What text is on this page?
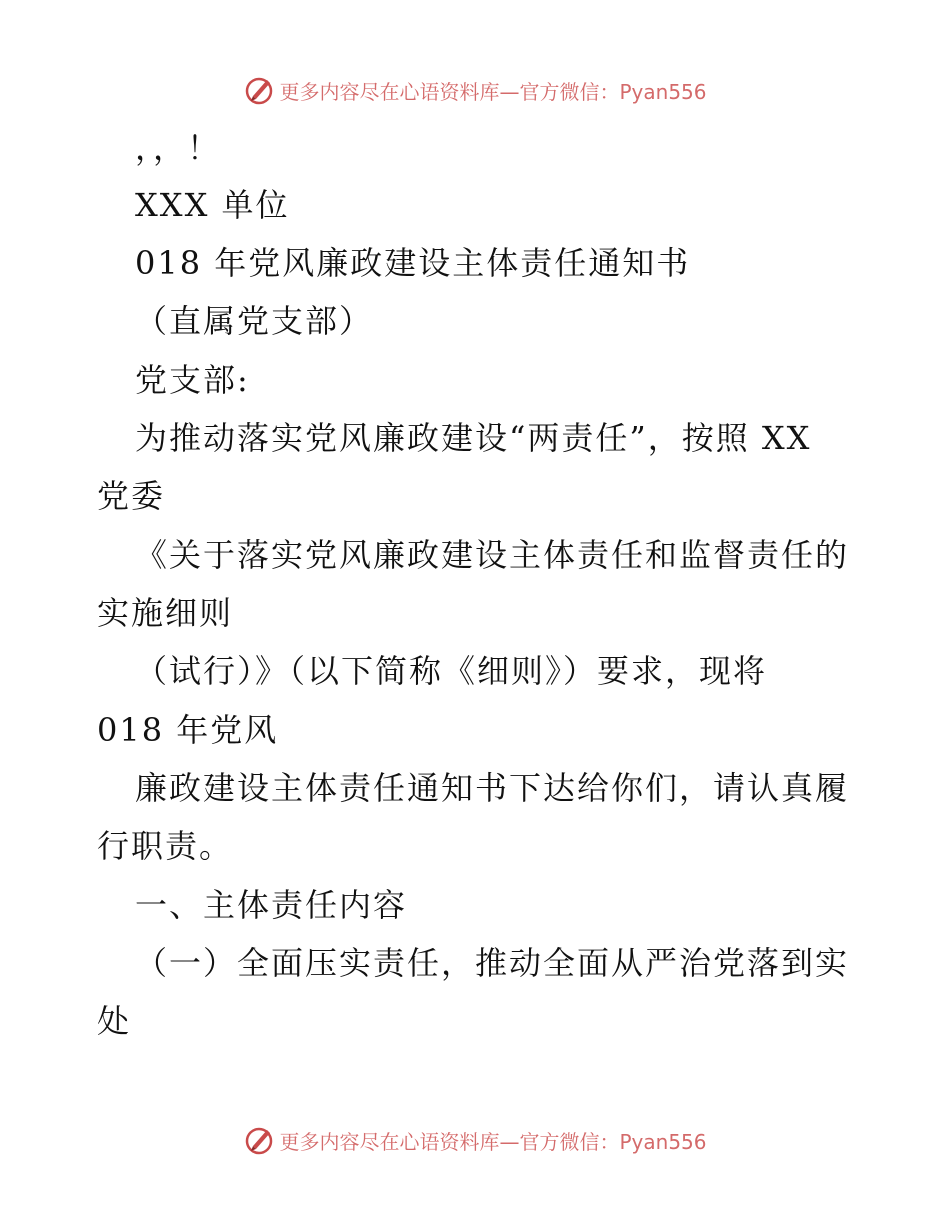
更多内容尽在心语资料库—官方微信：Pyan556
，，！
XXX 单位
018 年党风廉政建设主体责任通知书
（直属党支部）
党支部:
为推动落实党风廉政建设“两责任”，按照 XX
党委
《关于落实党风廉政建设主体责任和监督责任的
实施细则
（试行）》（以下简称《细则》）要求，现将
018 年党风
廉政建设主体责任通知书下达给你们，请认真履
行职责。
一、主体责任内容
（一）全面压实责任，推动全面从严治党落到实
处
更多内容尽在心语资料库—官方微信：Pyan556
